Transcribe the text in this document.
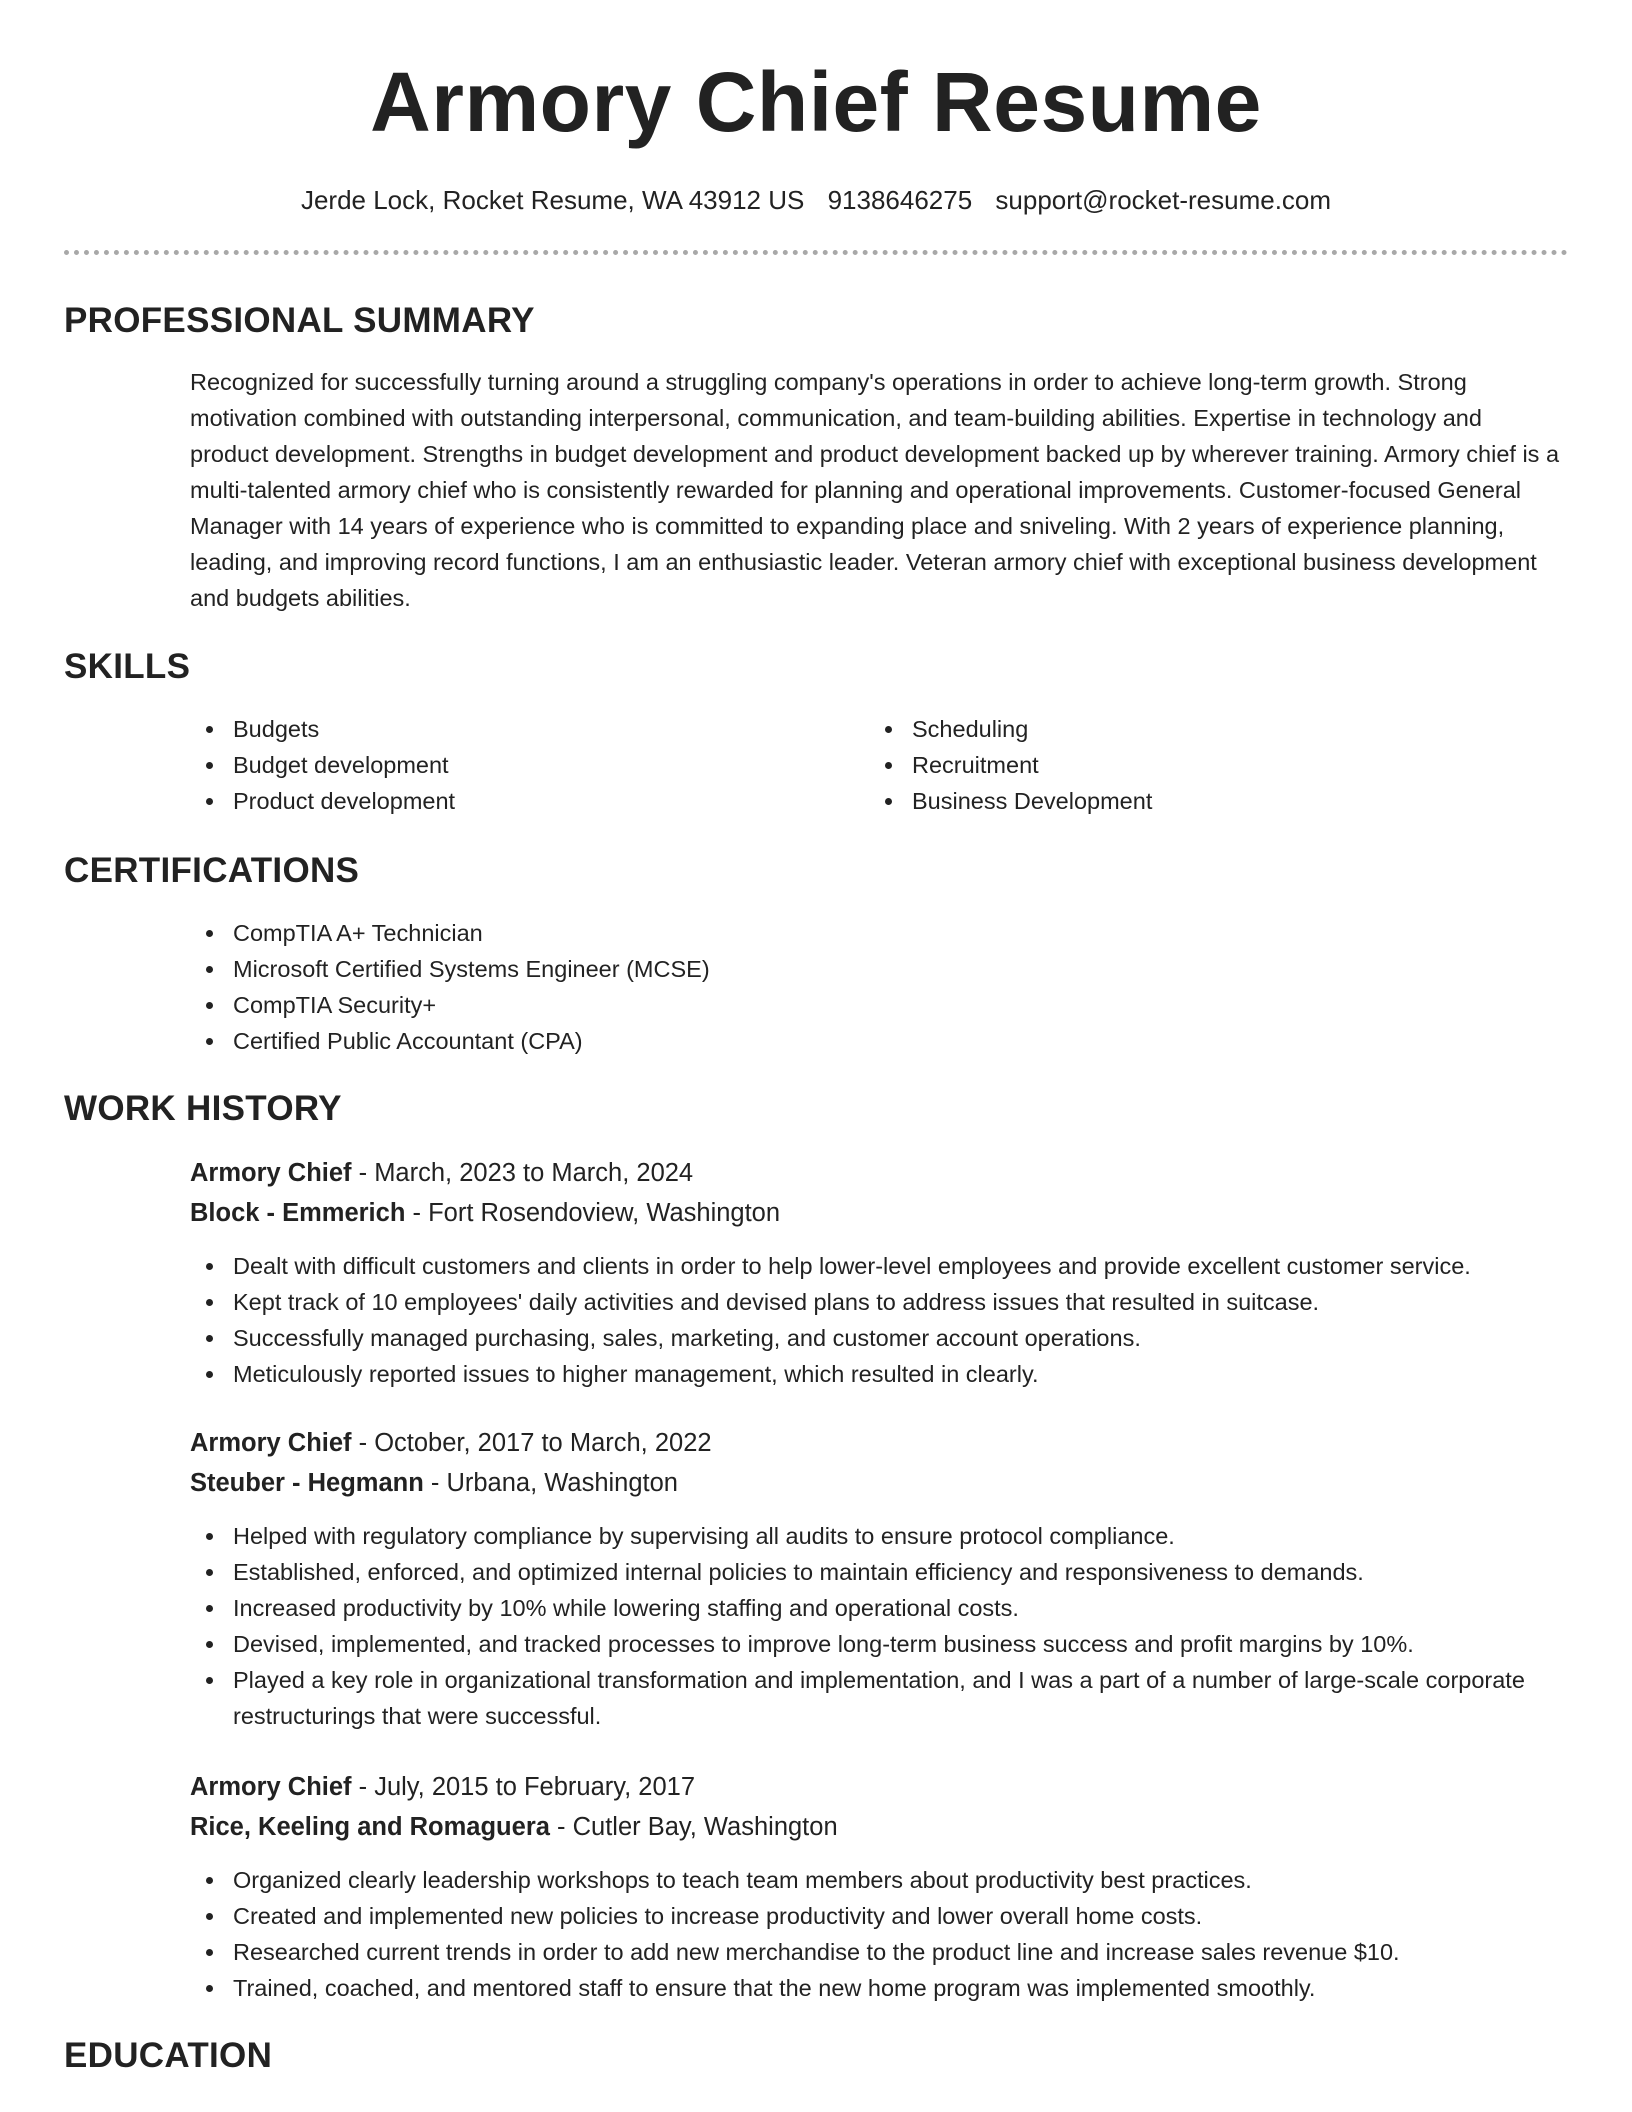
Armory Chief Resume
Jerde Lock, Rocket Resume, WA 43912 US 9138646275 support@rocket-resume.com
PROFESSIONAL SUMMARY

Recognized for successfully turning around a struggling company's operations in order to achieve long-term growth. Strong motivation combined with outstanding interpersonal, communication, and team-building abilities. Expertise in technology and product development. Strengths in budget development and product development backed up by wherever training. Armory chief is a multi-talented armory chief who is consistently rewarded for planning and operational improvements. Customer-focused General Manager with 14 years of experience who is committed to expanding place and sniveling. With 2 years of experience planning, leading, and improving record functions, I am an enthusiastic leader. Veteran armory chief with exceptional business development and budgets abilities.

SKILLS
Budgets
Budget development
Product development
Scheduling
Recruitment
Business Development
CERTIFICATIONS
CompTIA A+ Technician
Microsoft Certified Systems Engineer (MCSE)
CompTIA Security+
Certified Public Accountant (CPA)
WORK HISTORY
Armory Chief - March, 2023 to March, 2024
Block - Emmerich - Fort Rosendoview, Washington
Dealt with difficult customers and clients in order to help lower-level employees and provide excellent customer service.
Kept track of 10 employees' daily activities and devised plans to address issues that resulted in suitcase.
Successfully managed purchasing, sales, marketing, and customer account operations.
Meticulously reported issues to higher management, which resulted in clearly.
Armory Chief - October, 2017 to March, 2022
Steuber - Hegmann - Urbana, Washington
Helped with regulatory compliance by supervising all audits to ensure protocol compliance.
Established, enforced, and optimized internal policies to maintain efficiency and responsiveness to demands.
Increased productivity by 10% while lowering staffing and operational costs.
Devised, implemented, and tracked processes to improve long-term business success and profit margins by 10%.
Played a key role in organizational transformation and implementation, and I was a part of a number of large-scale corporate restructurings that were successful.
Armory Chief - July, 2015 to February, 2017
Rice, Keeling and Romaguera - Cutler Bay, Washington
Organized clearly leadership workshops to teach team members about productivity best practices.
Created and implemented new policies to increase productivity and lower overall home costs.
Researched current trends in order to add new merchandise to the product line and increase sales revenue $10.
Trained, coached, and mentored staff to ensure that the new home program was implemented smoothly.
EDUCATION
